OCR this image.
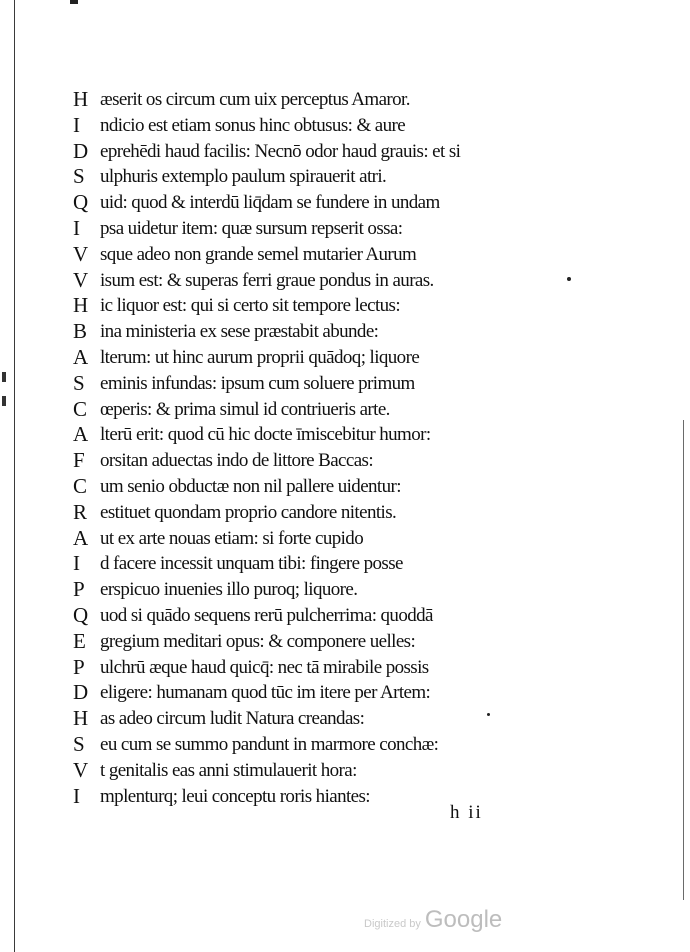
H æserit os circum cum uix perceptus Amaror.
I	ndicio est etiam sonus hinc obtusus: & aure
D eprehēdi haud facilis: Necnō odor haud grauis: et si
S ulphuris extemplo paulum spirauerit atri.
Q uid: quod & interdū liq̄dam se fundere in undam
I	psa uidetur item: quæ sursum repserit ossa:
V sque adeo non grande semel mutarier Aurum
V isum est: & superas ferri graue pondus in auras.
H ic liquor est: qui si certo sit tempore lectus:
B ina ministeria ex sese præstabit abunde:
A lterum: ut hinc aurum proprii quādoq; liquore
S eminis infundas: ipsum cum soluere primum
C œperis: & prima simul id contriueris arte.
A lterū erit: quod cū hic docte īmiscebitur humor:
F orsitan aduectas indo de littore Baccas:
C um senio obductæ non nil pallere uidentur:
R estituet quondam proprio candore nitentis.
A ut ex arte nouas etiam: si forte cupido
I	d facere incessit unquam tibi: fingere posse
P erspicuo inuenies illo puroq; liquore.
Q uod si quādo sequens rerū pulcherrima: quoddā
E gregium meditari opus: & componere uelles:
P ulchrū æque haud quicq̄: nec tā mirabile possis
D eligere: humanam quod tūc im itere per Artem:
H as adeo circum ludit Natura creandas:
S eu cum se summo pandunt in marmore conchæ:
V t genitalis eas anni stimulauerit hora:
I	mplenturq; leui conceptu roris hiantes:
h ii
Digitized by Google
